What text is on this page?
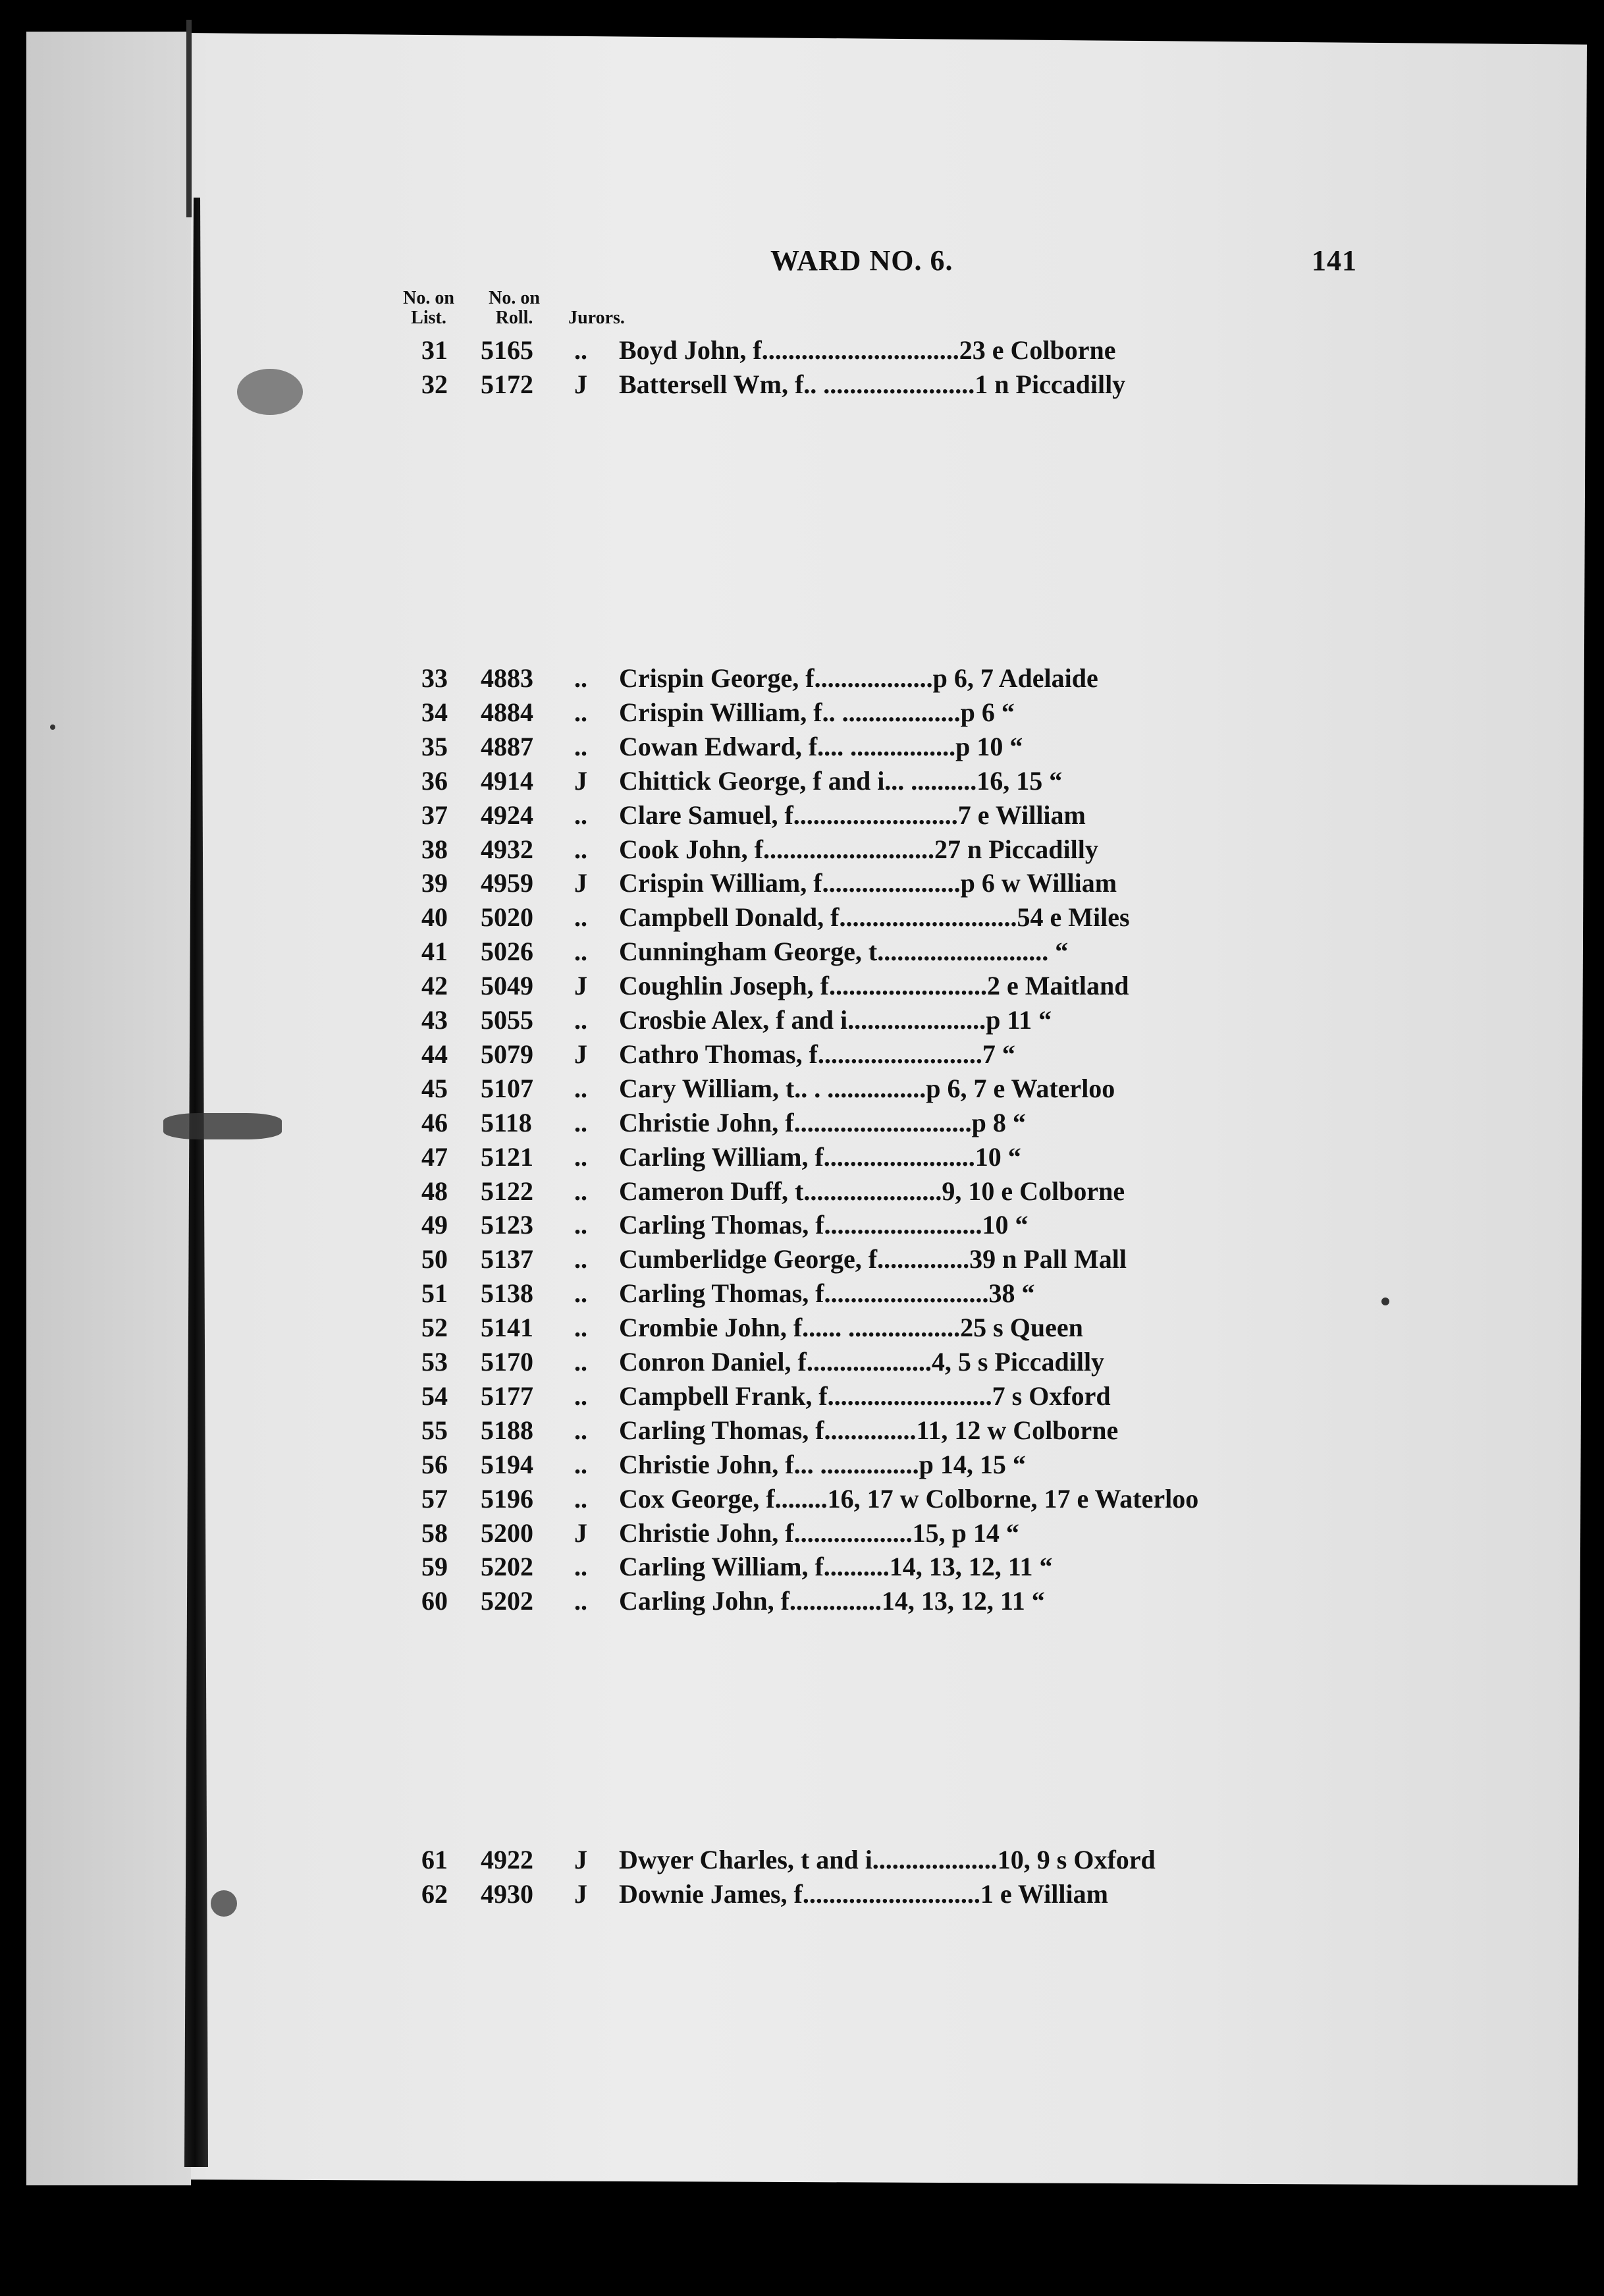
WARD NO. 6.	141
No. on
List.
No. on
Roll.	Jurors.
31 5165 .. Boyd John, f..............................23 e Colborne
32 5172 J Battersell Wm, f.. .......................1 n Piccadilly
33 4883 .. Crispin George, f..................p 6, 7 Adelaide
34 4884 .. Crispin William, f.. ..................p 6 “
35 4887 .. Cowan Edward, f.... ................p 10 “
36 4914 J Chittick George, f and i... ..........16, 15 “
37 4924 .. Clare Samuel, f.........................7 e William
38 4932 .. Cook John, f..........................27 n Piccadilly
39 4959 J Crispin William, f.....................p 6 w William
40 5020 .. Campbell Donald, f...........................54 e Miles
41 5026 .. Cunningham George, t.......................... “
42 5049 J Coughlin Joseph, f........................2 e Maitland
43 5055 .. Crosbie Alex, f and i.....................p 11 “
44 5079 J Cathro Thomas, f.........................7 “
45 5107 .. Cary William, t.. . ...............p 6, 7 e Waterloo
46 5118 .. Christie John, f...........................p 8 “
47 5121 .. Carling William, f.......................10 “
48 5122 .. Cameron Duff, t.....................9, 10 e Colborne
49 5123 .. Carling Thomas, f........................10 “
50 5137 .. Cumberlidge George, f..............39 n Pall Mall
51 5138 .. Carling Thomas, f.........................38 “
52 5141 .. Crombie John, f...... .................25 s Queen
53 5170 .. Conron Daniel, f...................4, 5 s Piccadilly
54 5177 .. Campbell Frank, f.........................7 s Oxford
55 5188 .. Carling Thomas, f..............11, 12 w Colborne
56 5194 .. Christie John, f... ...............p 14, 15 “
57 5196 .. Cox George, f........16, 17 w Colborne, 17 e Waterloo
58 5200 J Christie John, f..................15, p 14 “
59 5202 .. Carling William, f..........14, 13, 12, 11 “
60 5202 .. Carling John, f..............14, 13, 12, 11 “
61 4922 J Dwyer Charles, t and i...................10, 9 s Oxford
62 4930 J Downie James, f...........................1 e William
